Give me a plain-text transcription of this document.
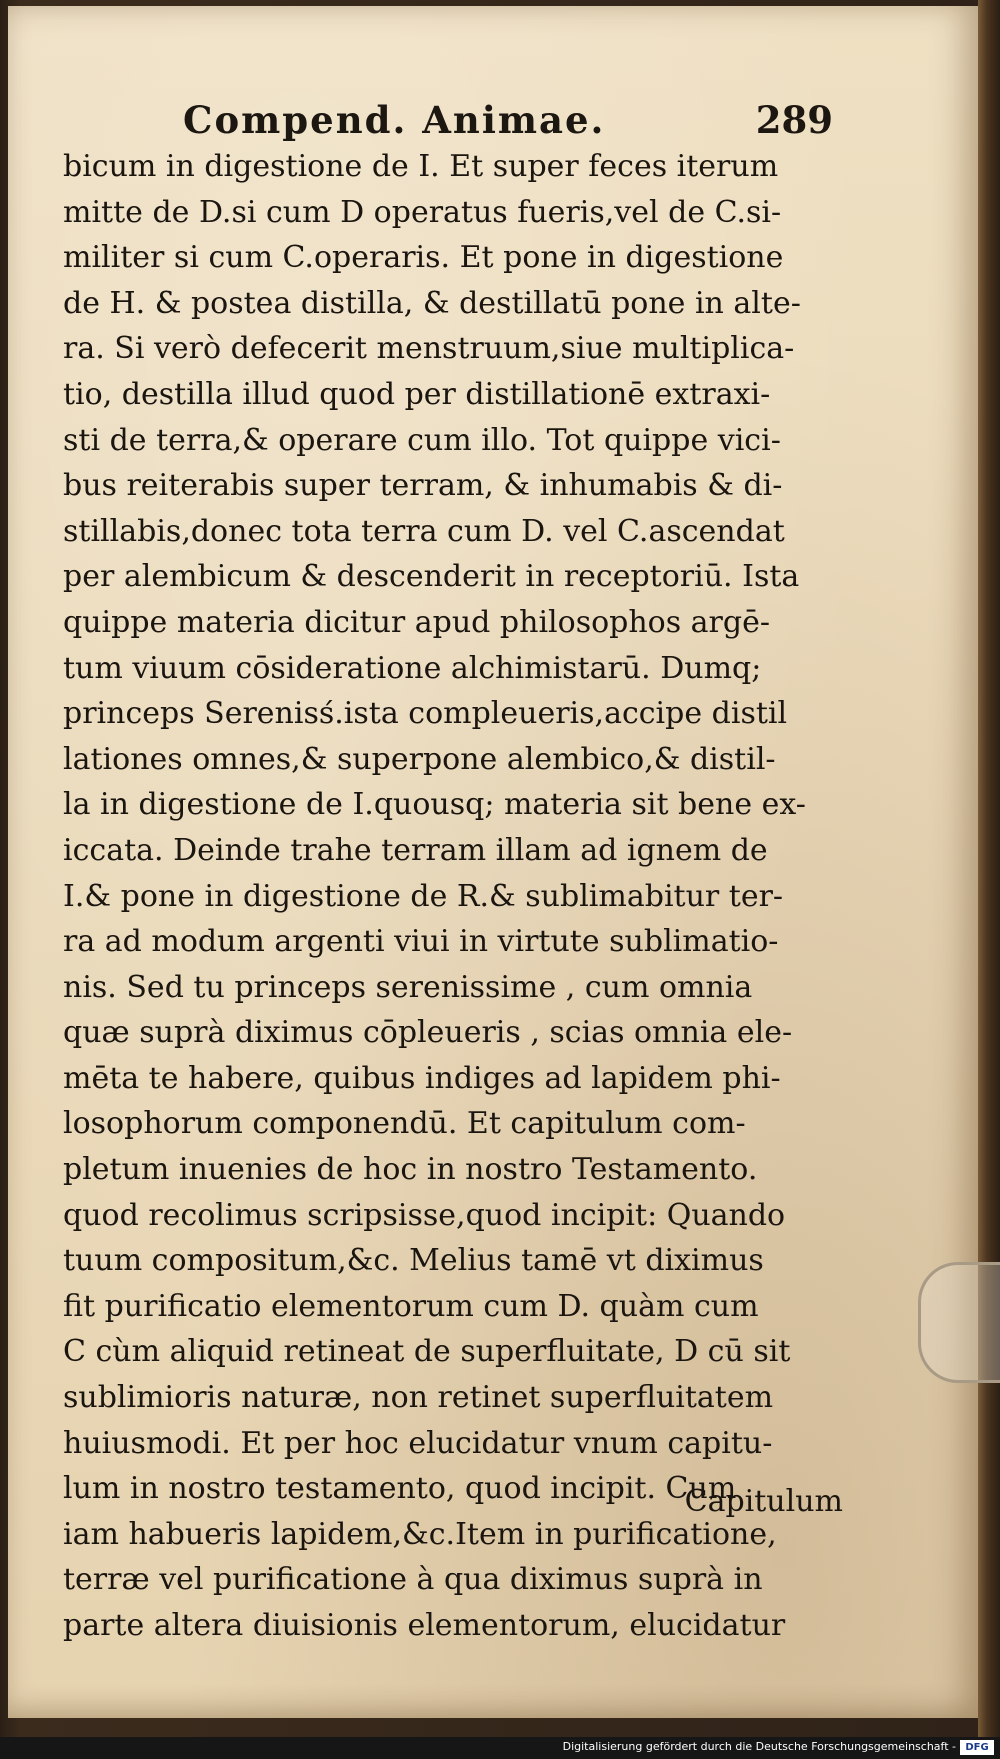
Compend. Animae.	289
bicum in digestione de I. Et super feces iterum
mitte de D.si cum D operatus fueris,vel de C.si-
militer si cum C.operaris. Et pone in digestione
de H. & postea distilla, & destillatū pone in alte-
ra. Si verò defecerit menstruum,siue multiplica-
tio, destilla illud quod per distillationē extraxi-
sti de terra,& operare cum illo. Tot quippe vici-
bus reiterabis super terram, & inhumabis & di-
stillabis,donec tota terra cum D. vel C.ascendat
per alembicum & descenderit in receptoriū. Ista
quippe materia dicitur apud philosophos argē-
tum viuum cōsideratione alchimistarū. Dumq;
princeps Serenisś.ista compleueris,accipe distil
lationes omnes,& superpone alembico,& distil-
la in digestione de I.quousq; materia sit bene ex-
iccata. Deinde trahe terram illam ad ignem de
I.& pone in digestione de R.& sublimabitur ter-
ra ad modum argenti viui in virtute sublimatio-
nis. Sed tu princeps serenissime , cum omnia
quæ suprà diximus cōpleueris , scias omnia ele-
mēta te habere, quibus indiges ad lapidem phi-
losophorum componendū. Et capitulum com-
pletum inuenies de hoc in nostro Testamento.
quod recolimus scripsisse,quod incipit: Quando
tuum compositum,&c. Melius tamē vt diximus
fit purificatio elementorum cum D. quàm cum
C cùm aliquid retineat de superfluitate, D cū sit
sublimioris naturæ, non retinet superfluitatem
huiusmodi. Et per hoc elucidatur vnum capitu-
lum in nostro testamento, quod incipit. Cum
iam habueris lapidem,&c.Item in purificatione,
terræ vel purificatione à qua diximus suprà in
parte altera diuisionis elementorum, elucidatur
Capitulum
Digitalisierung gefördert durch die Deutsche Forschungsgemeinschaft - DFG
